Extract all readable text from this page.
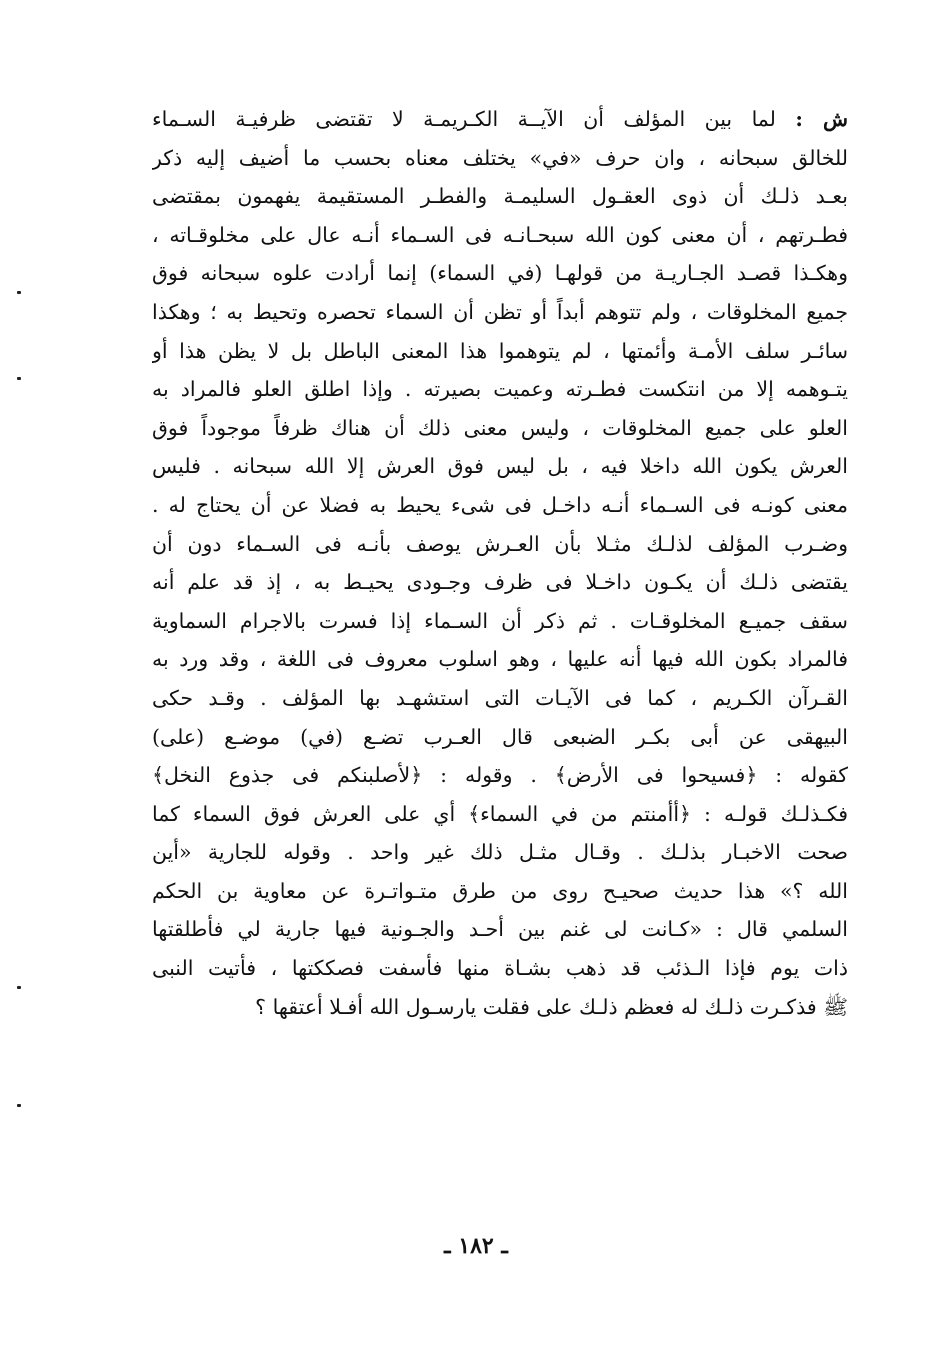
ش : لما بين المؤلف أن الآيــة الكـريمـة لا تقتضى ظرفيـة السـماء
للخالق سبحانه ، وان حرف «في» يختلف معناه بحسب ما أضيف إليه ذكر
بعـد ذلـك أن ذوى العقـول السليمـة والفطـر المستقيمة يفهمون بمقتضى
فطـرتهم ، أن معنى كون الله سبحـانـه فى السـماء أنـه عال على مخلوقـاته ،
وهكـذا قصـد الجـاريـة من قولهـا (في السماء) إنما أرادت علوه سبحانه فوق
جميع المخلوقات ، ولم تتوهم أبداً أو تظن أن السماء تحصره وتحيط به ؛ وهكذا
سائـر سلف الأمـة وأئمتها ، لم يتوهموا هذا المعنى الباطل بل لا يظن هذا أو
يتـوهمه إلا من انتكست فطـرته وعميت بصيرته . وإذا اطلق العلو فالمراد به
العلو على جميع المخلوقات ، وليس معنى ذلك أن هناك ظرفاً موجوداً فوق
العرش يكون الله داخلا فيه ، بل ليس فوق العرش إلا الله سبحانه . فليس
معنى كونـه فى السـماء أنـه داخـل فى شىء يحيط به فضلا عن أن يحتاج له .
وضـرب المؤلف لذلـك مثـلا بأن العـرش يوصف بأنـه فى السـماء دون أن
يقتضى ذلـك أن يكـون داخـلا فى ظرف وجـودى يحيـط به ، إذ قد علم أنه
سقف جميـع المخلوقـات . ثم ذكر أن السـماء إذا فسرت بالاجرام السماوية
فالمراد بكون الله فيها أنه عليها ، وهو اسلوب معروف فى اللغة ، وقد ورد به
القـرآن الكـريم ، كما فى الآيـات التى استشهـد بها المؤلف . وقـد حكى
البيهقى عن أبى بكـر الضبعى قال العـرب تضـع (في) موضـع (على)
كقوله : ﴿فسيحوا فى الأرض﴾ . وقوله : ﴿لأصلبنكم فى جذوع النخل﴾
فكـذلـك قولـه : ﴿أأمنتم من في السماء﴾ أي على العرش فوق السماء كما
صحت الاخبـار بذلـك . وقـال مثـل ذلك غير واحد . وقوله للجارية «أين
الله ؟» هذا حديث صحيـح روى من طرق متـواتـرة عن معاوية بن الحكم
السلمي قال : «كـانت لى غنم بين أحـد والجـونية فيها جارية لي فأطلقتها
ذات يوم فإذا الـذئب قد ذهب بشـاة منها فأسفت فصككتها ، فأتيت النبى
ﷺ فذكـرت ذلـك له فعظم ذلـك على فقلت يارسـول الله أفـلا أعتقها ؟
ـ ١٨٢ ـ
